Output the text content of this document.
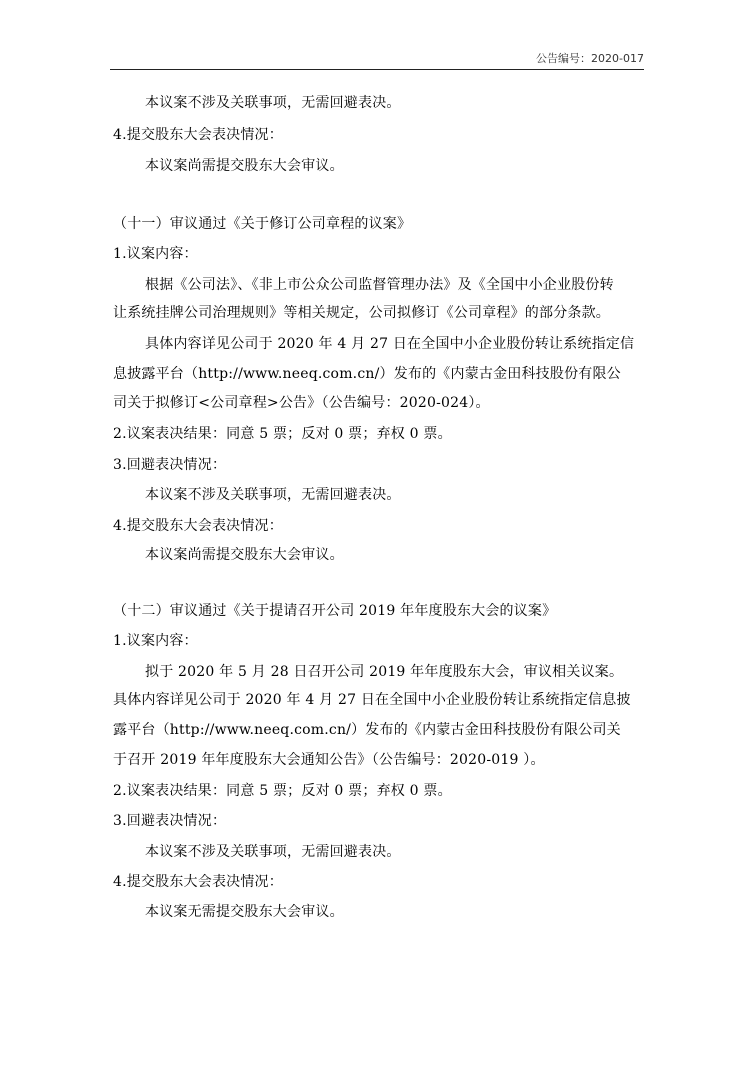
公告编号：2020-017
本议案不涉及关联事项，无需回避表决。
4.提交股东大会表决情况：
本议案尚需提交股东大会审议。
（十一）审议通过《关于修订公司章程的议案》
1.议案内容：
根据《公司法》、《非上市公众公司监督管理办法》及《全国中小企业股份转
让系统挂牌公司治理规则》等相关规定，公司拟修订《公司章程》的部分条款。
具体内容详见公司于 2020 年 4 月 27 日在全国中小企业股份转让系统指定信
息披露平台（http://www.neeq.com.cn/）发布的《内蒙古金田科技股份有限公
司关于拟修订<公司章程>公告》（公告编号：2020-024）。
2.议案表决结果：同意 5 票；反对 0 票；弃权 0 票。
3.回避表决情况：
本议案不涉及关联事项，无需回避表决。
4.提交股东大会表决情况：
本议案尚需提交股东大会审议。
（十二）审议通过《关于提请召开公司 2019 年年度股东大会的议案》
1.议案内容：
拟于 2020 年 5 月 28 日召开公司 2019 年年度股东大会，审议相关议案。
具体内容详见公司于 2020 年 4 月 27 日在全国中小企业股份转让系统指定信息披
露平台（http://www.neeq.com.cn/）发布的《内蒙古金田科技股份有限公司关
于召开 2019 年年度股东大会通知公告》（公告编号：2020-019 ）。
2.议案表决结果：同意 5 票；反对 0 票；弃权 0 票。
3.回避表决情况：
本议案不涉及关联事项，无需回避表决。
4.提交股东大会表决情况：
本议案无需提交股东大会审议。
